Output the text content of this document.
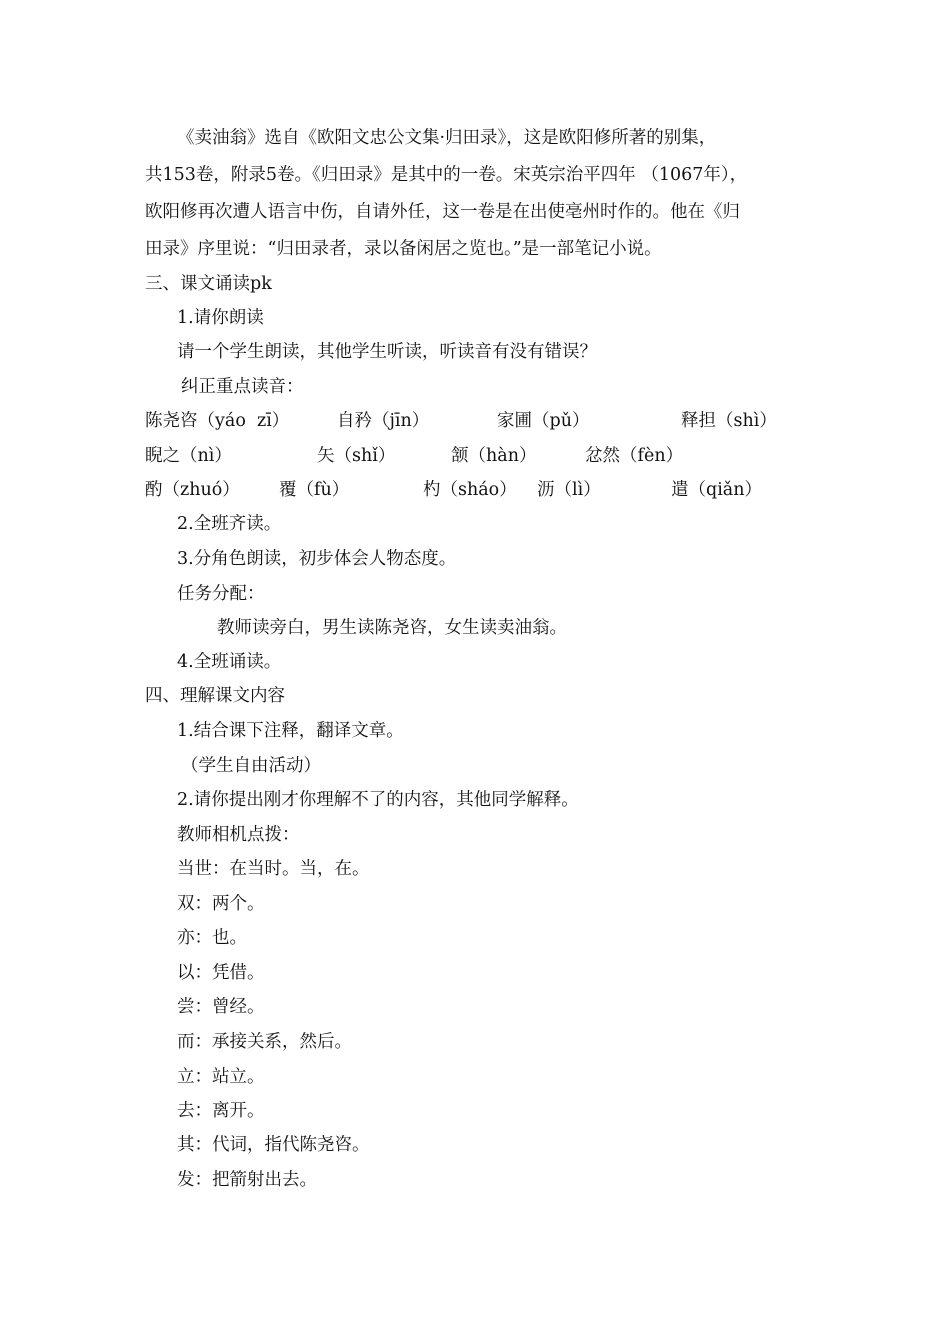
《卖油翁》选自《欧阳文忠公文集·归田录》，这是欧阳修所著的别集，
共153卷，附录5卷。《归田录》是其中的一卷。宋英宗治平四年 （1067年），
欧阳修再次遭人语言中伤，自请外任，这一卷是在出使亳州时作的。他在《归
田录》序里说：“归田录者，录以备闲居之览也。”是一部笔记小说。
三、课文诵读pk
1.请你朗读
请一个学生朗读，其他学生听读，听读音有没有错误？
纠正重点读音：
陈尧咨（yáo  zī）	自矜（jīn）	家圃（pǔ）	释担（shì）
睨之（nì）	矢（shǐ）	颔（hàn）	忿然（fèn）
酌（zhuó） 覆（fù）	杓（sháo） 沥（lì）	遣（qiǎn）
2.全班齐读。
3.分角色朗读，初步体会人物态度。
任务分配：
教师读旁白，男生读陈尧咨，女生读卖油翁。
4.全班诵读。
四、理解课文内容
1.结合课下注释，翻译文章。
（学生自由活动）
2.请你提出刚才你理解不了的内容，其他同学解释。
教师相机点拨：
当世：在当时。当，在。
双：两个。
亦：也。
以：凭借。
尝：曾经。
而：承接关系，然后。
立：站立。
去：离开。
其：代词，指代陈尧咨。
发：把箭射出去。
